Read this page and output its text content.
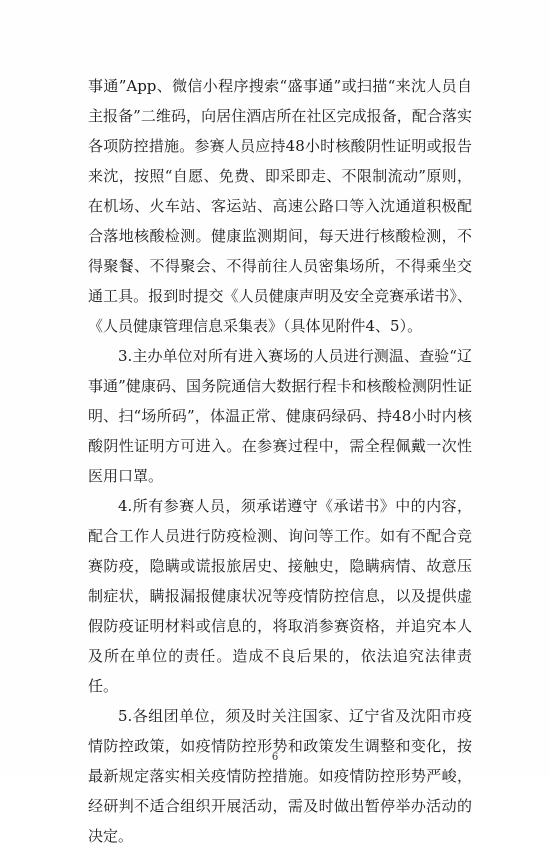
事通”App、微信小程序搜索“盛事通”或扫描“来沈人员自主报备”二维码，向居住酒店所在社区完成报备，配合落实各项防控措施。参赛人员应持48小时核酸阴性证明或报告来沈，按照“自愿、免费、即采即走、不限制流动”原则，在机场、火车站、客运站、高速公路口等入沈通道积极配合落地核酸检测。健康监测期间，每天进行核酸检测，不得聚餐、不得聚会、不得前往人员密集场所，不得乘坐交通工具。报到时提交《人员健康声明及安全竞赛承诺书》、《人员健康管理信息采集表》（具体见附件4、5）。

3.主办单位对所有进入赛场的人员进行测温、查验“辽事通”健康码、国务院通信大数据行程卡和核酸检测阴性证明、扫“场所码”，体温正常、健康码绿码、持48小时内核酸阴性证明方可进入。在参赛过程中，需全程佩戴一次性医用口罩。

4.所有参赛人员，须承诺遵守《承诺书》中的内容，配合工作人员进行防疫检测、询问等工作。如有不配合竞赛防疫，隐瞒或谎报旅居史、接触史，隐瞒病情、故意压制症状，瞒报漏报健康状况等疫情防控信息，以及提供虚假防疫证明材料或信息的，将取消参赛资格，并追究本人及所在单位的责任。造成不良后果的，依法追究法律责任。

5.各组团单位，须及时关注国家、辽宁省及沈阳市疫情防控政策，如疫情防控形势和政策发生调整和变化，按最新规定落实相关疫情防控措施。如疫情防控形势严峻，经研判不适合组织开展活动，需及时做出暂停举办活动的决定。

6
